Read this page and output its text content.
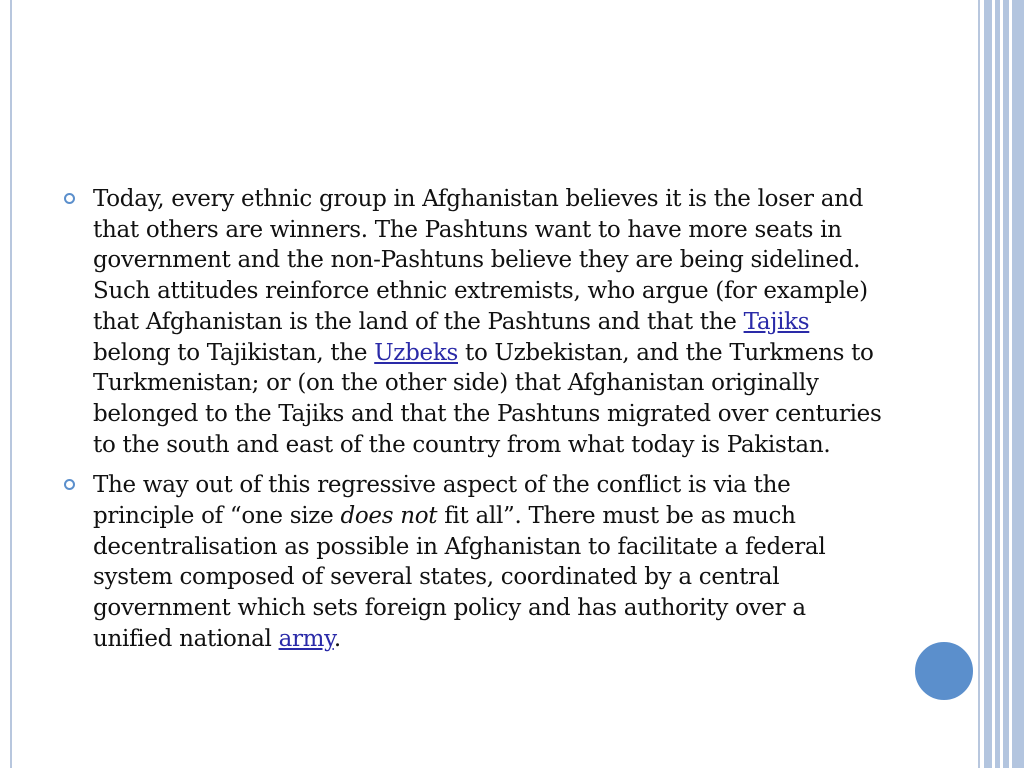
Today, every ethnic group in Afghanistan believes it is the loser and that others are winners. The Pashtuns want to have more seats in government and the non-Pashtuns believe they are being sidelined. Such attitudes reinforce ethnic extremists, who argue (for example) that Afghanistan is the land of the Pashtuns and that the Tajiks belong to Tajikistan, the Uzbeks to Uzbekistan, and the Turkmens to Turkmenistan; or (on the other side) that Afghanistan originally belonged to the Tajiks and that the Pashtuns migrated over centuries to the south and east of the country from what today is Pakistan.
The way out of this regressive aspect of the conflict is via the principle of “one size does not fit all”. There must be as much decentralisation as possible in Afghanistan to facilitate a federal system composed of several states, coordinated by a central government which sets foreign policy and has authority over a unified national army.
